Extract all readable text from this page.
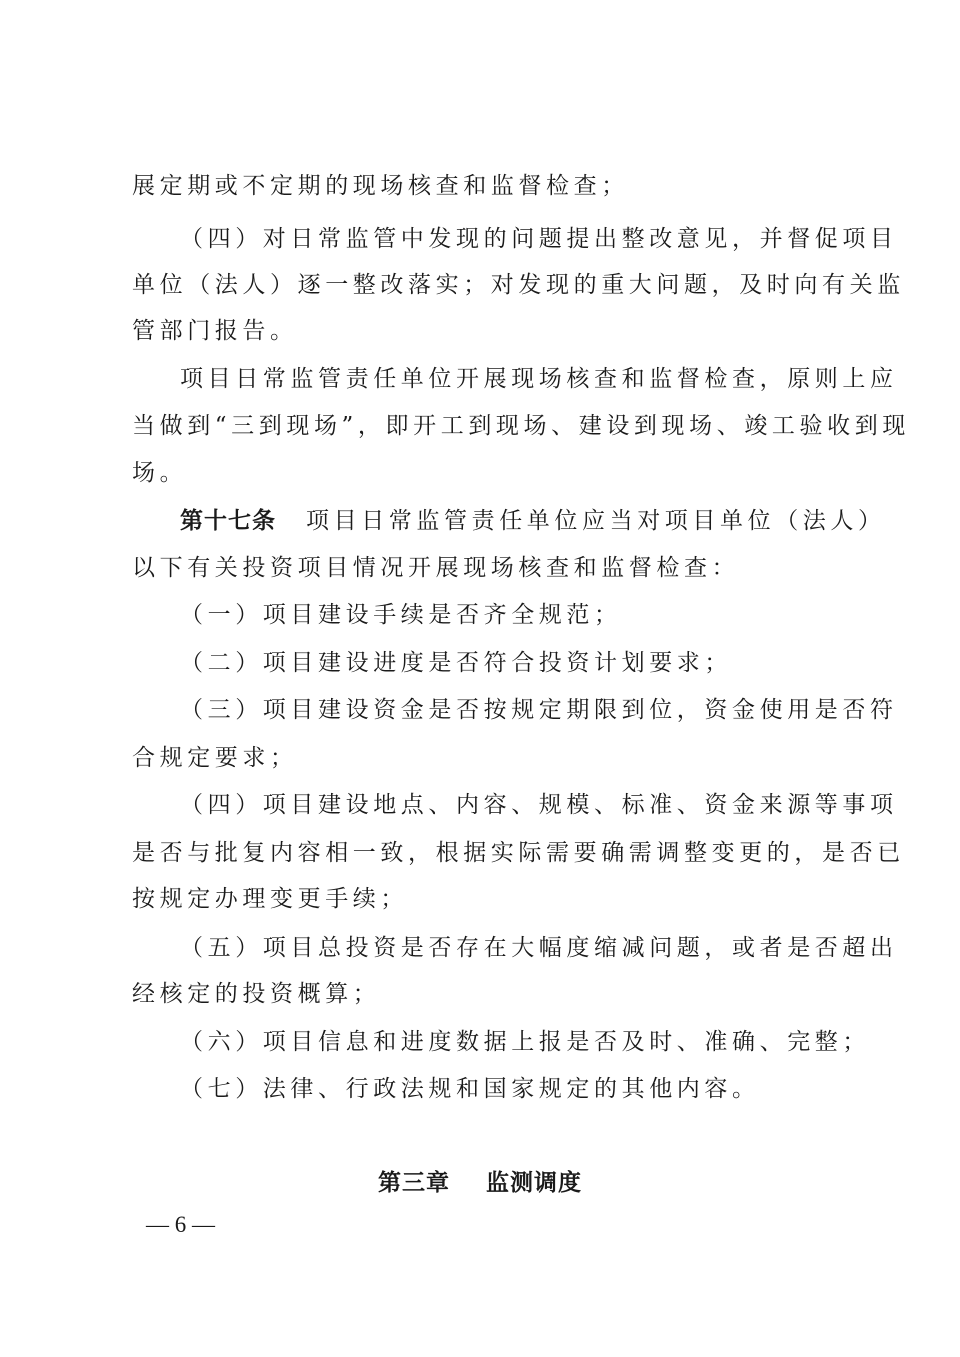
展定期或不定期的现场核查和监督检查；
（四）对日常监管中发现的问题提出整改意见，并督促项目
单位（法人）逐一整改落实；对发现的重大问题，及时向有关监
管部门报告。
项目日常监管责任单位开展现场核查和监督检查，原则上应
当做到“三到现场”，即开工到现场、建设到现场、竣工验收到现
场。
第十七条 项目日常监管责任单位应当对项目单位（法人）
以下有关投资项目情况开展现场核查和监督检查：
（一）项目建设手续是否齐全规范；
（二）项目建设进度是否符合投资计划要求；
（三）项目建设资金是否按规定期限到位，资金使用是否符
合规定要求；
（四）项目建设地点、内容、规模、标准、资金来源等事项
是否与批复内容相一致，根据实际需要确需调整变更的，是否已
按规定办理变更手续；
（五）项目总投资是否存在大幅度缩减问题，或者是否超出
经核定的投资概算；
（六）项目信息和进度数据上报是否及时、准确、完整；
（七）法律、行政法规和国家规定的其他内容。
第三章 监测调度
— 6 —
